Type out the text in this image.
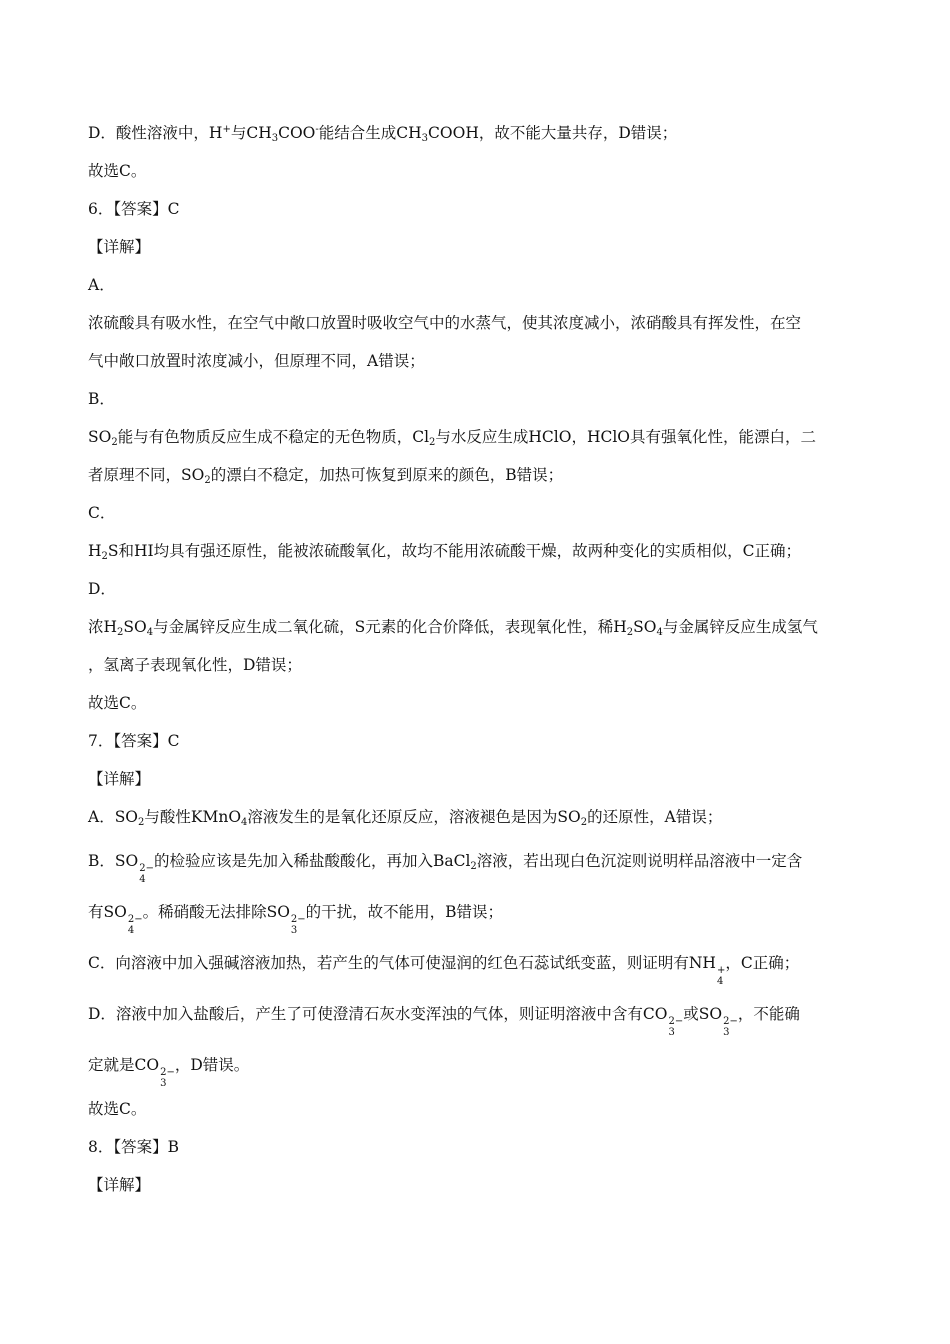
D．酸性溶液中，H+与$CH_3COO^-$能结合生成$CH_3COOH$，故不能大量共存，D错误；
故选C。
6．【答案】C
【详解】
A．
浓硫酸具有吸水性，在空气中敞口放置时吸收空气中的水蒸气，使其浓度减小，浓硝酸具有挥发性，在空
气中敞口放置时浓度减小，但原理不同，A错误；
B．
$SO_2$能与有色物质反应生成不稳定的无色物质，$Cl_2$与水反应生成HClO，HClO具有强氧化性，能漂白，二
者原理不同，$SO_2$的漂白不稳定，加热可恢复到原来的颜色，B错误；
C．
$H_2S$和HI均具有强还原性，能被浓硫酸氧化，故均不能用浓硫酸干燥，故两种变化的实质相似，C正确；
D．
浓$H_2SO_4$与金属锌反应生成二氧化硫，S元素的化合价降低，表现氧化性，稀$H_2SO_4$与金属锌反应生成氢气
，氢离子表现氧化性，D错误；
故选C。
7．【答案】C
【详解】
A．$SO_2$与酸性KMnO$_4$溶液发生的是氧化还原反应，溶液褪色是因为$SO_2$的还原性，A错误；
B．SO 2−
4
的检验应该是先加入稀盐酸酸化，再加入BaCl$_2$溶液，若出现白色沉淀则说明样品溶液中一定含
有SO 2−
4
。稀硝酸无法排除SO 2−
3
的干扰，故不能用，B错误；
C．向溶液中加入强碱溶液加热，若产生的气体可使湿润的红色石蕊试纸变蓝，则证明有NH +
4
，C正确；
D．溶液中加入盐酸后，产生了可使澄清石灰水变浑浊的气体，则证明溶液中含有CO 2−
3
或SO 2−
3
，不能确
定就是CO 2−
3
，D错误。
故选C。
8．【答案】B
【详解】
